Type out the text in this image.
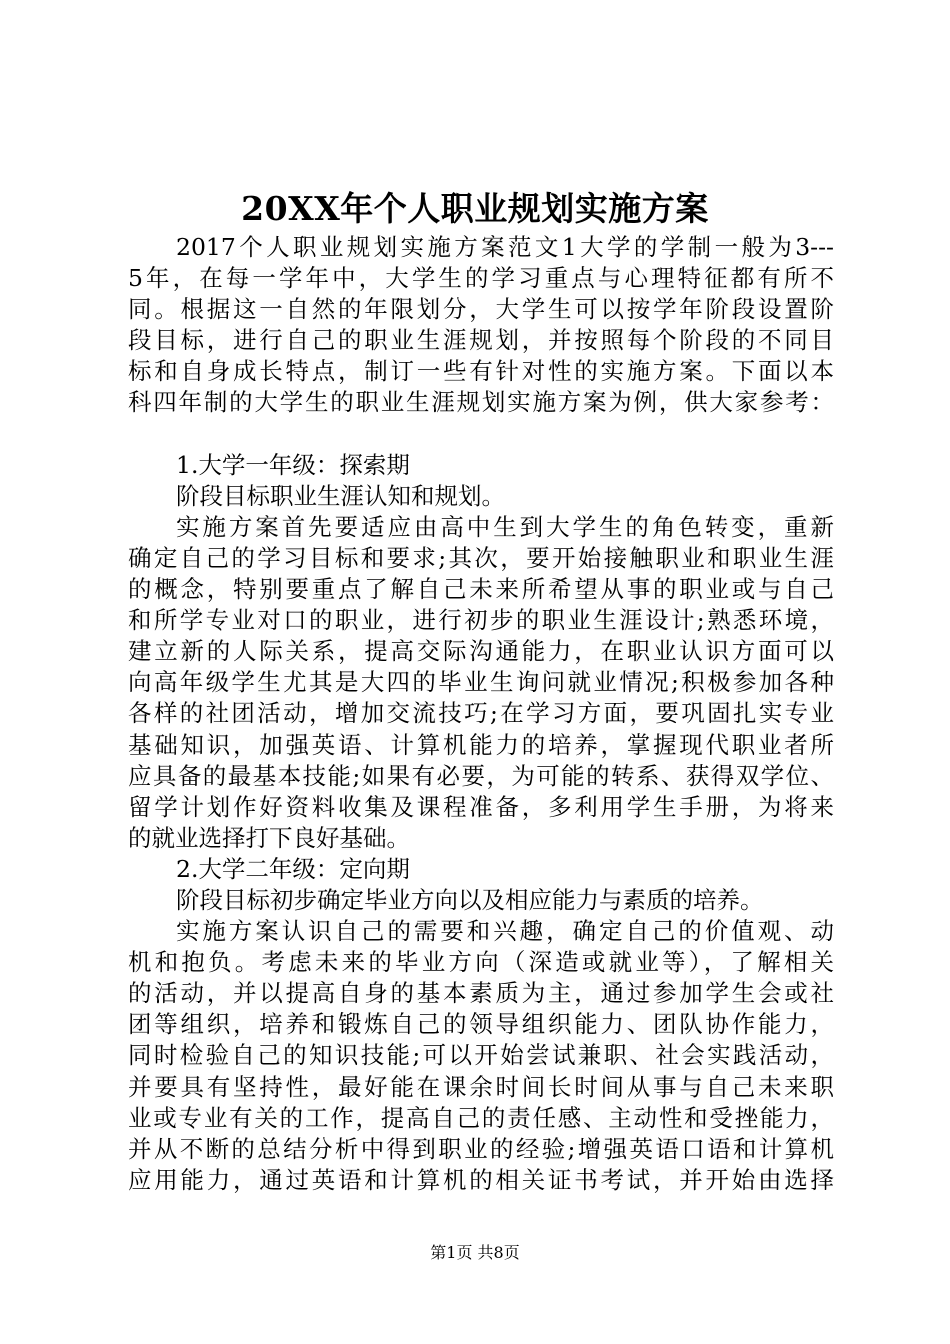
20XX年个人职业规划实施方案
2017个人职业规划实施方案范文1大学的学制一般为3---
5年，在每一学年中，大学生的学习重点与心理特征都有所不
同。根据这一自然的年限划分，大学生可以按学年阶段设置阶
段目标，进行自己的职业生涯规划，并按照每个阶段的不同目
标和自身成长特点，制订一些有针对性的实施方案。下面以本
科四年制的大学生的职业生涯规划实施方案为例，供大家参考：
1.大学一年级：探索期
阶段目标职业生涯认知和规划。
实施方案首先要适应由高中生到大学生的角色转变，重新
确定自己的学习目标和要求;其次，要开始接触职业和职业生涯
的概念，特别要重点了解自己未来所希望从事的职业或与自己
和所学专业对口的职业，进行初步的职业生涯设计;熟悉环境，
建立新的人际关系，提高交际沟通能力，在职业认识方面可以
向高年级学生尤其是大四的毕业生询问就业情况;积极参加各种
各样的社团活动，增加交流技巧;在学习方面，要巩固扎实专业
基础知识，加强英语、计算机能力的培养，掌握现代职业者所
应具备的最基本技能;如果有必要，为可能的转系、获得双学位、
留学计划作好资料收集及课程准备，多利用学生手册，为将来
的就业选择打下良好基础。
2.大学二年级：定向期
阶段目标初步确定毕业方向以及相应能力与素质的培养。
实施方案认识自己的需要和兴趣，确定自己的价值观、动
机和抱负。考虑未来的毕业方向（深造或就业等），了解相关
的活动，并以提高自身的基本素质为主，通过参加学生会或社
团等组织，培养和锻炼自己的领导组织能力、团队协作能力，
同时检验自己的知识技能;可以开始尝试兼职、社会实践活动，
并要具有坚持性，最好能在课余时间长时间从事与自己未来职
业或专业有关的工作，提高自己的责任感、主动性和受挫能力，
并从不断的总结分析中得到职业的经验;增强英语口语和计算机
应用能力，通过英语和计算机的相关证书考试，并开始由选择
第1页 共8页
